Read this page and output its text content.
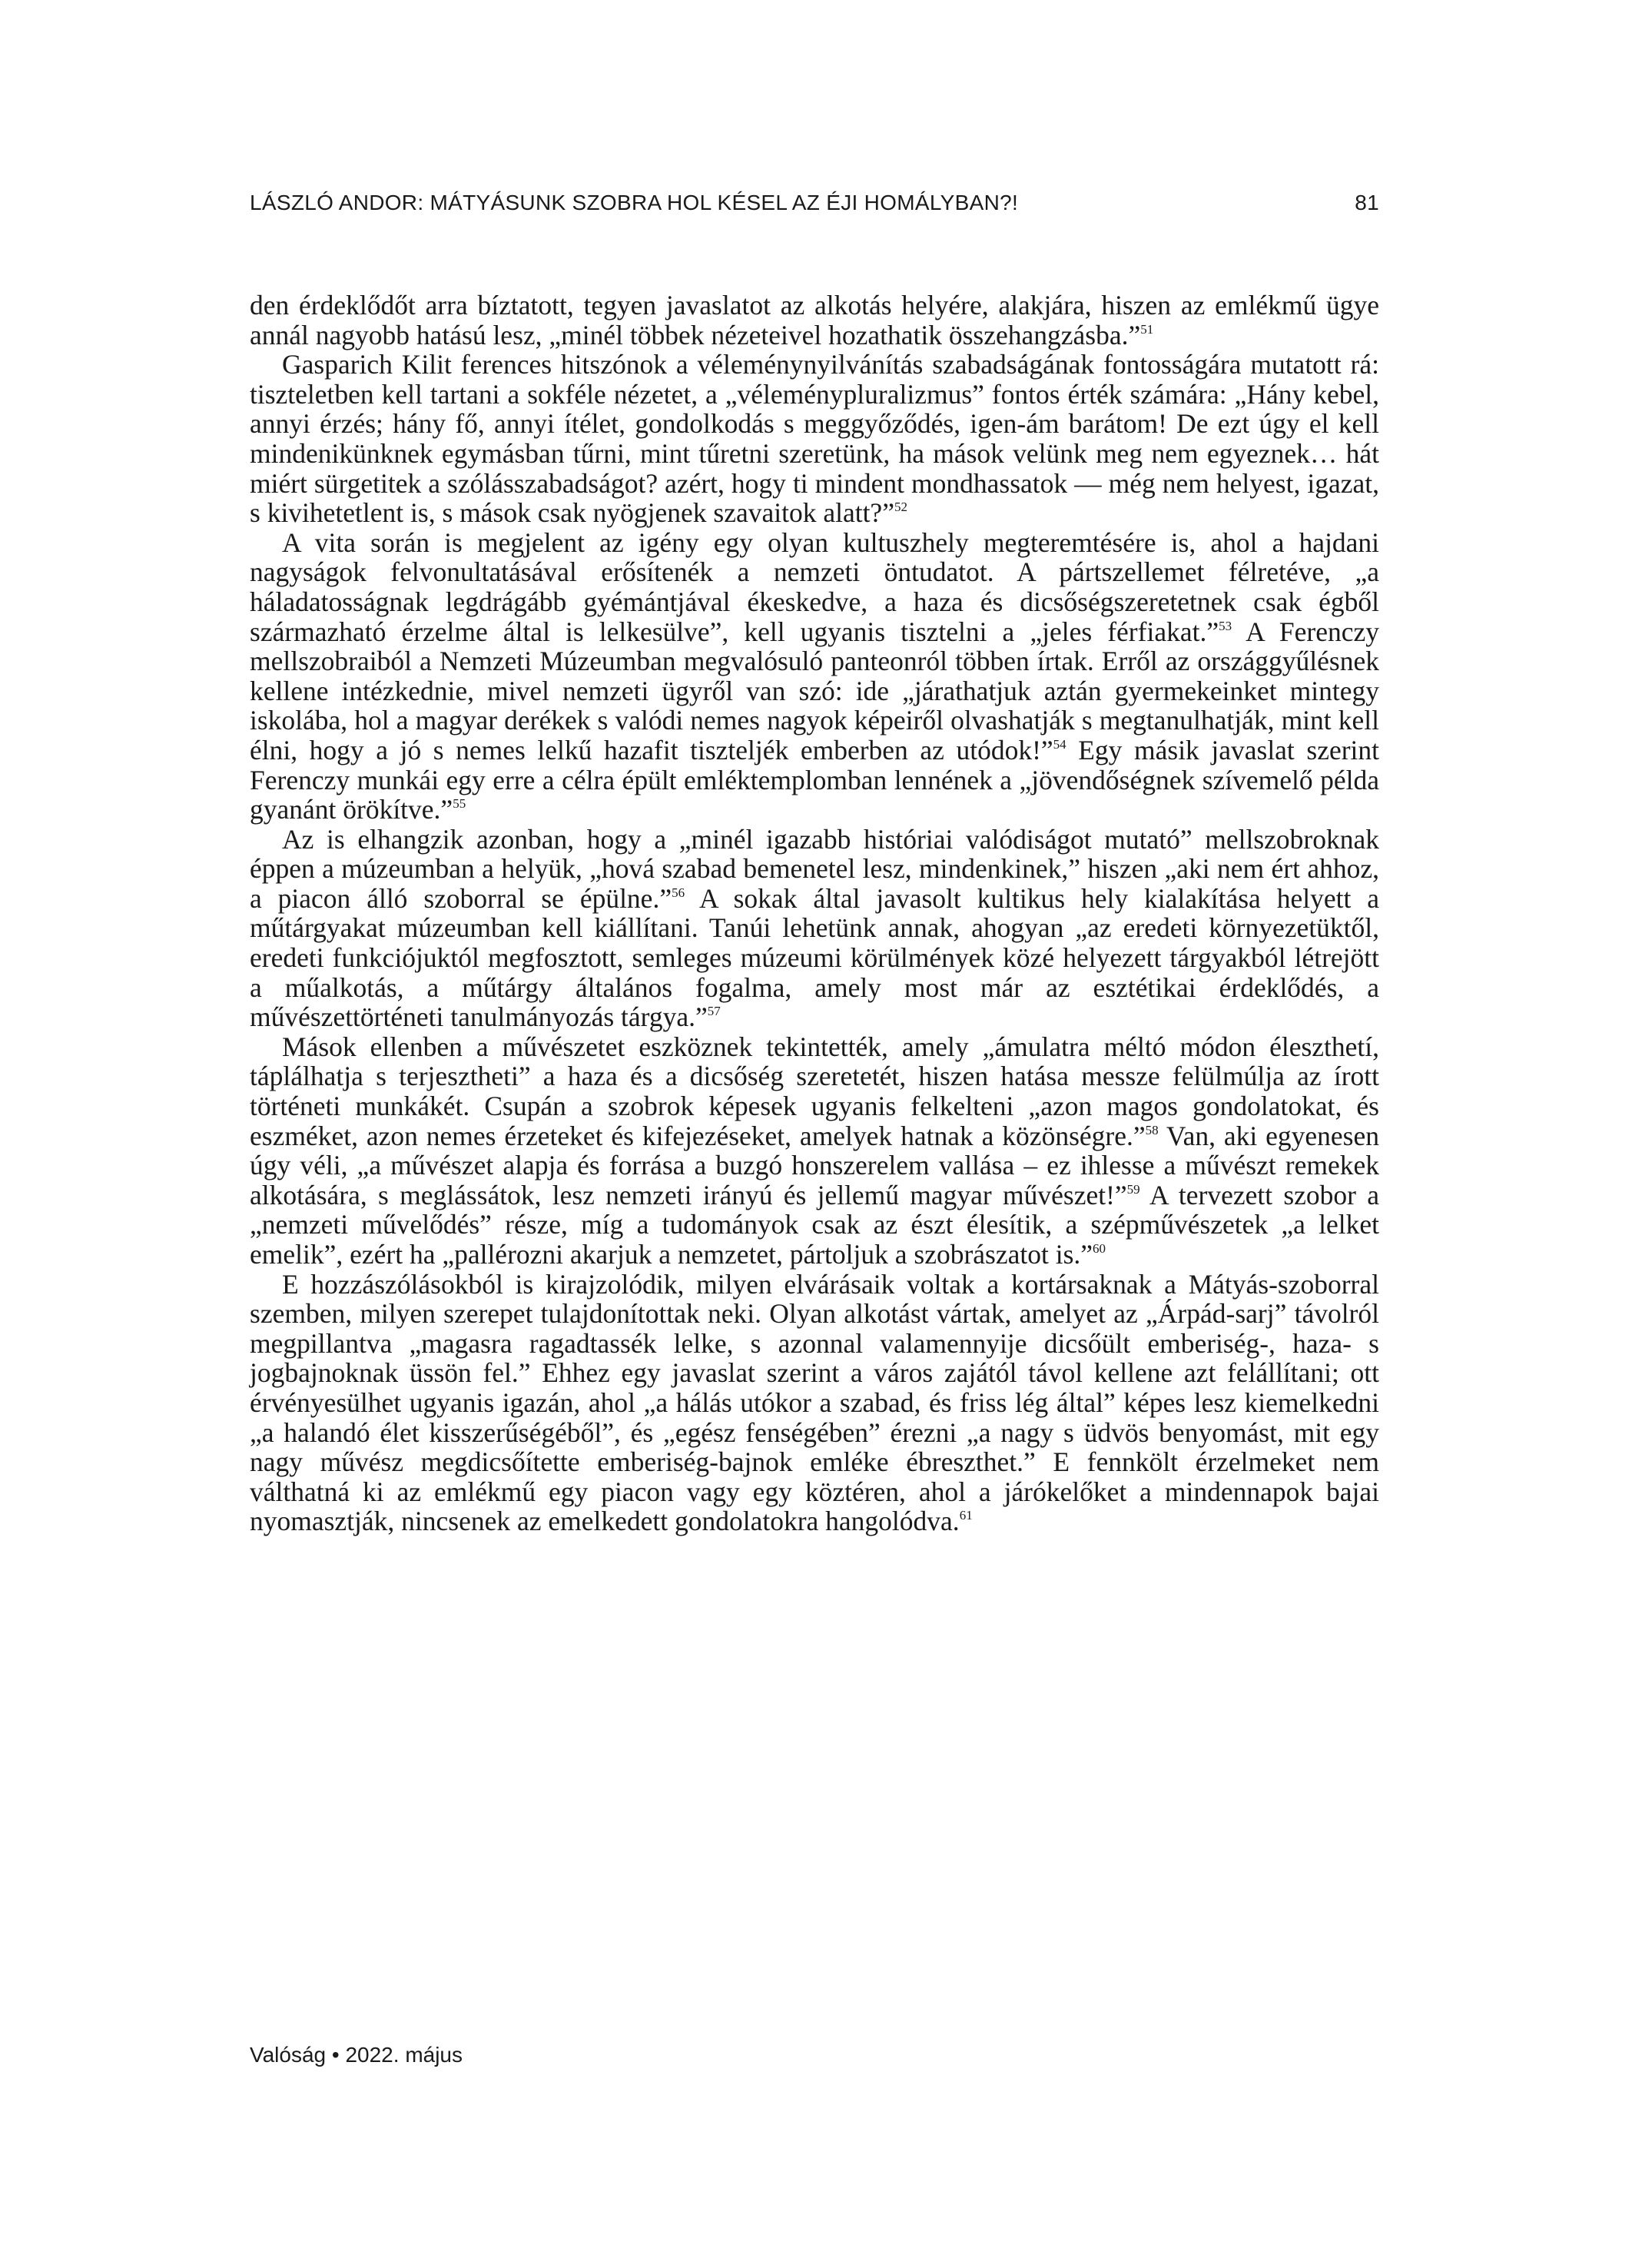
LÁSZLÓ ANDOR: MÁTYÁSUNK SZOBRA HOL KÉSEL AZ ÉJI HOMÁLYBAN?!	81

den érdeklődőt arra bíztatott, tegyen javaslatot az alkotás helyére, alakjára, hiszen az emlékmű ügye annál nagyobb hatású lesz, „minél többek nézeteivel hozathatik összehangzásba.”$^{51}$

Gasparich Kilit ferences hitszónok a véleménynyilvánítás szabadságának fontosságára mutatott rá: tiszteletben kell tartani a sokféle nézetet, a „véleménypluralizmus” fontos érték számára: „Hány kebel, annyi érzés; hány fő, annyi ítélet, gondolkodás s meggyőződés, igen-ám barátom! De ezt úgy el kell mindenikünknek egymásban tűrni, mint tűretni szeretünk, ha mások velünk meg nem egyeznek… hát miért sürgetitek a szólásszabadságot? azért, hogy ti mindent mondhassatok — még nem helyest, igazat, s kivihetetlent is, s mások csak nyögjenek szavaitok alatt?”$^{52}$

A vita során is megjelent az igény egy olyan kultuszhely megteremtésére is, ahol a hajdani nagyságok felvonultatásával erősítenék a nemzeti öntudatot. A pártszellemet félretéve, „a háladatosságnak legdrágább gyémántjával ékeskedve, a haza és dicsőségszeretetnek csak égből származható érzelme által is lelkesülve”, kell ugyanis tisztelni a „jeles férfiakat.”$^{53}$ A Ferenczy mellszobraiból a Nemzeti Múzeumban megvalósuló panteonról többen írtak. Erről az országgyűlésnek kellene intézkednie, mivel nemzeti ügyről van szó: ide „járathatjuk aztán gyermekeinket mintegy iskolába, hol a magyar derékek s valódi nemes nagyok képeiről olvashatják s megtanulhatják, mint kell élni, hogy a jó s nemes lelkű hazafit tiszteljék emberben az utódok!”$^{54}$ Egy másik javaslat szerint Ferenczy munkái egy erre a célra épült emléktemplomban lennének a „jövendőségnek szívemelő példa gyanánt örökítve.”$^{55}$

Az is elhangzik azonban, hogy a „minél igazabb históriai valódiságot mutató” mellszobroknak éppen a múzeumban a helyük, „hová szabad bemenetel lesz, mindenkinek,” hiszen „aki nem ért ahhoz, a piacon álló szoborral se épülne.”$^{56}$ A sokak által javasolt kultikus hely kialakítása helyett a műtárgyakat múzeumban kell kiállítani. Tanúi lehetünk annak, ahogyan „az eredeti környezetüktől, eredeti funkciójuktól megfosztott, semleges múzeumi körülmények közé helyezett tárgyakból létrejött a műalkotás, a műtárgy általános fogalma, amely most már az esztétikai érdeklődés, a művészettörténeti tanulmányozás tárgya.”$^{57}$

Mások ellenben a művészetet eszköznek tekintették, amely „ámulatra méltó módon éleszthetí, táplálhatja s terjesztheti” a haza és a dicsőség szeretetét, hiszen hatása messze felülmúlja az írott történeti munkákét. Csupán a szobrok képesek ugyanis felkelteni „azon magos gondolatokat, és eszméket, azon nemes érzeteket és kifejezéseket, amelyek hatnak a közönségre.”$^{58}$ Van, aki egyenesen úgy véli, „a művészet alapja és forrása a buzgó honszerelem vallása – ez ihlesse a művészt remekek alkotására, s meglássátok, lesz nemzeti irányú és jellemű magyar művészet!”$^{59}$ A tervezett szobor a „nemzeti művelődés” része, míg a tudományok csak az észt élesítik, a szépművészetek „a lelket emelik”, ezért ha „pallérozni akarjuk a nemzetet, pártoljuk a szobrászatot is.”$^{60}$

E hozzászólásokból is kirajzolódik, milyen elvárásaik voltak a kortársaknak a Mátyás-szoborral szemben, milyen szerepet tulajdonítottak neki. Olyan alkotást vártak, amelyet az „Árpád-sarj” távolról megpillantva „magasra ragadtassék lelke, s azonnal valamennyije dicsőült emberiség-, haza- s jogbajnoknak üssön fel.” Ehhez egy javaslat szerint a város zajától távol kellene azt felállítani; ott érvényesülhet ugyanis igazán, ahol „a hálás utókor a szabad, és friss lég által” képes lesz kiemelkedni „a halandó élet kisszerűségéből”, és „egész fenségében” érezni „a nagy s üdvös benyomást, mit egy nagy művész megdicsőítette emberiség-bajnok emléke ébreszthet.” E fennkölt érzelmeket nem válthatná ki az emlékmű egy piacon vagy egy köztéren, ahol a járókelőket a mindennapok bajai nyomasztják, nincsenek az emelkedett gondolatokra hangolódva.$^{61}$

Valóság • 2022. május
